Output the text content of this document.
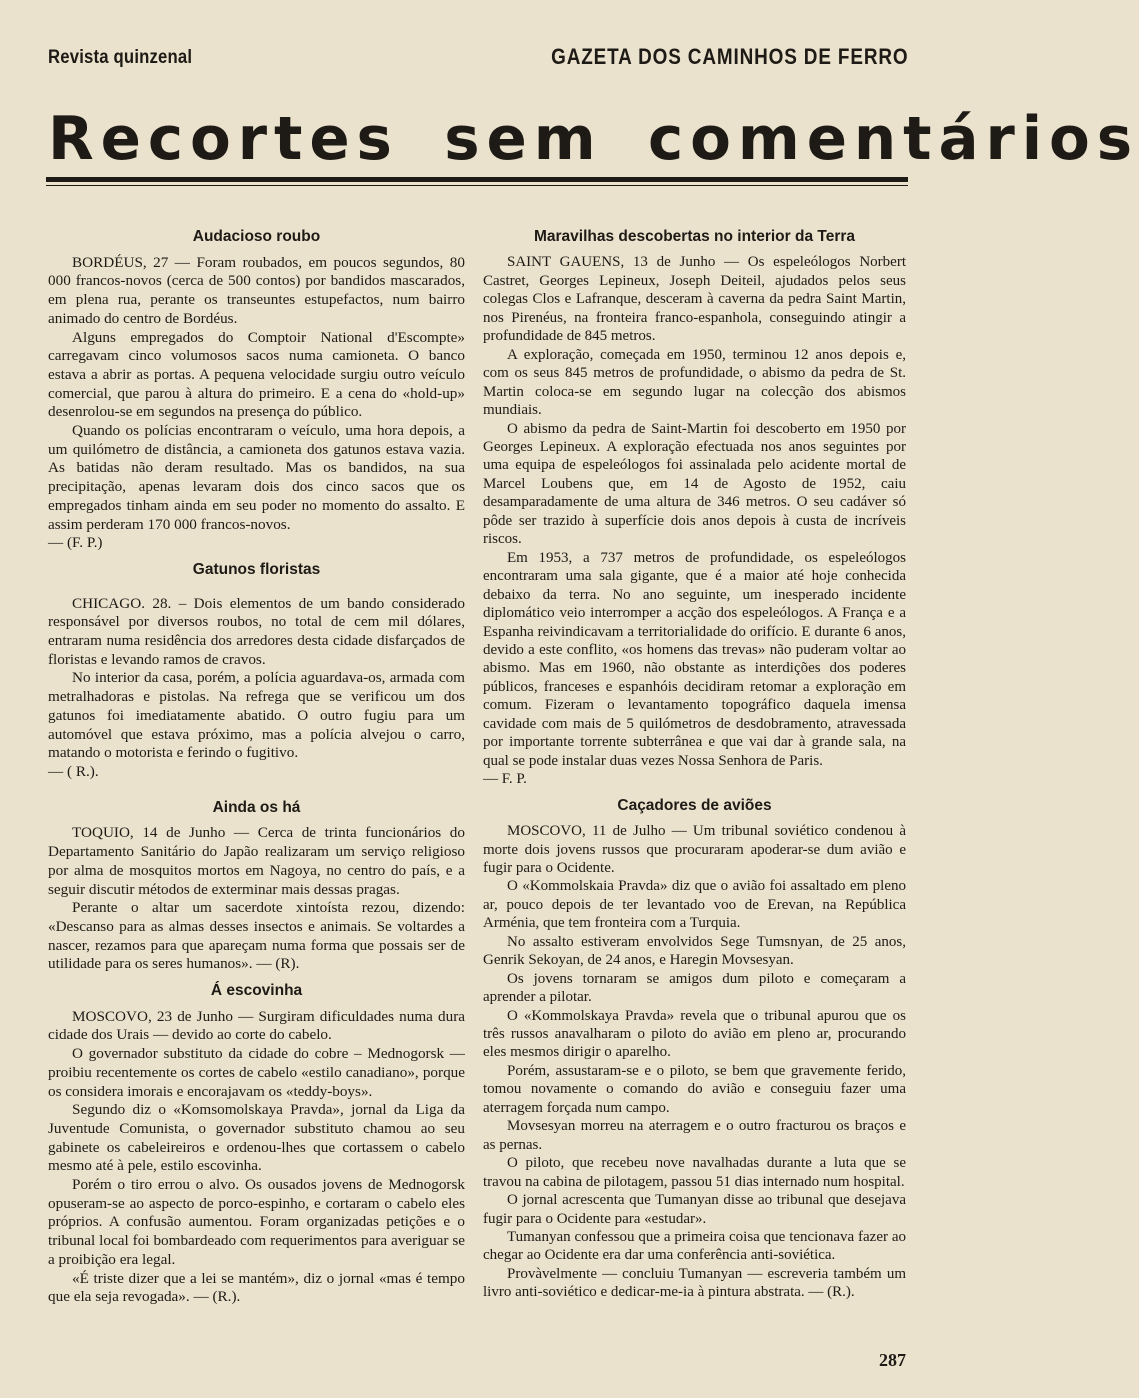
Revista quinzenal	GAZETA DOS CAMINHOS DE FERRO
Recortes sem comentários
Audacioso roubo

BORDÉUS, 27 — Foram roubados, em poucos segundos, 80 000 francos-novos (cerca de 500 contos) por bandidos mascarados, em plena rua, perante os transeuntes estupefactos, num bairro animado do centro de Bordéus.

Alguns empregados do Comptoir National d'Escompte» carregavam cinco volumosos sacos numa camioneta. O banco estava a abrir as portas. A pequena velocidade surgiu outro veículo comercial, que parou à altura do primeiro. E a cena do «hold-up» desenrolou-se em segundos na presença do público.

Quando os polícias encontraram o veículo, uma hora depois, a um quilómetro de distância, a camioneta dos gatunos estava vazia. As batidas não deram resultado. Mas os bandidos, na sua precipitação, apenas levaram dois dos cinco sacos que os empregados tinham ainda em seu poder no momento do assalto. E assim perderam 170 000 francos-novos.

— (F. P.)

Gatunos floristas

CHICAGO. 28. – Dois elementos de um bando considerado responsável por diversos roubos, no total de cem mil dólares, entraram numa residência dos arredores desta cidade disfarçados de floristas e levando ramos de cravos.

No interior da casa, porém, a polícia aguardava-os, armada com metralhadoras e pistolas. Na refrega que se verificou um dos gatunos foi imediatamente abatido. O outro fugiu para um automóvel que estava próximo, mas a polícia alvejou o carro, matando o motorista e ferindo o fugitivo.

— ( R.).

Ainda os há

TOQUIO, 14 de Junho — Cerca de trinta funcionários do Departamento Sanitário do Japão realizaram um serviço religioso por alma de mosquitos mortos em Nagoya, no centro do país, e a seguir discutir métodos de exterminar mais dessas pragas.

Perante o altar um sacerdote xintoísta rezou, dizendo: «Descanso para as almas desses insectos e animais. Se voltardes a nascer, rezamos para que apareçam numa forma que possais ser de utilidade para os seres humanos». — (R).

Á escovinha

MOSCOVO, 23 de Junho — Surgiram dificuldades numa dura cidade dos Urais — devido ao corte do cabelo.

O governador substituto da cidade do cobre – Mednogorsk — proibiu recentemente os cortes de cabelo «estilo canadiano», porque os considera imorais e encorajavam os «teddy-boys».

Segundo diz o «Komsomolskaya Pravda», jornal da Liga da Juventude Comunista, o governador substituto chamou ao seu gabinete os cabeleireiros e ordenou-lhes que cortassem o cabelo mesmo até à pele, estilo escovinha.

Porém o tiro errou o alvo. Os ousados jovens de Mednogorsk opuseram-se ao aspecto de porco-espinho, e cortaram o cabelo eles próprios. A confusão aumentou. Foram organizadas petições e o tribunal local foi bombardeado com requerimentos para averiguar se a proibição era legal.

«É triste dizer que a lei se mantém», diz o jornal «mas é tempo que ela seja revogada». — (R.).

Maravilhas descobertas no interior da Terra

SAINT GAUENS, 13 de Junho — Os espeleólogos Norbert Castret, Georges Lepineux, Joseph Deiteil, ajudados pelos seus colegas Clos e Lafranque, desceram à caverna da pedra Saint Martin, nos Pirenéus, na fronteira franco-espanhola, conseguindo atingir a profundidade de 845 metros.

A exploração, começada em 1950, terminou 12 anos depois e, com os seus 845 metros de profundidade, o abismo da pedra de St. Martin coloca-se em segundo lugar na colecção dos abismos mundiais.

O abismo da pedra de Saint-Martin foi descoberto em 1950 por Georges Lepineux. A exploração efectuada nos anos seguintes por uma equipa de espeleólogos foi assinalada pelo acidente mortal de Marcel Loubens que, em 14 de Agosto de 1952, caiu desamparadamente de uma altura de 346 metros. O seu cadáver só pôde ser trazido à superfície dois anos depois à custa de incríveis riscos.

Em 1953, a 737 metros de profundidade, os espeleólogos encontraram uma sala gigante, que é a maior até hoje conhecida debaixo da terra. No ano seguinte, um inesperado incidente diplomático veio interromper a acção dos espeleólogos. A França e a Espanha reivindicavam a territorialidade do orifício. E durante 6 anos, devido a este conflito, «os homens das trevas» não puderam voltar ao abismo. Mas em 1960, não obstante as interdições dos poderes públicos, franceses e espanhóis decidiram retomar a exploração em comum. Fizeram o levantamento topográfico daquela imensa cavidade com mais de 5 quilómetros de desdobramento, atravessada por importante torrente subterrânea e que vai dar à grande sala, na qual se pode instalar duas vezes Nossa Senhora de Paris.

— F. P.

Caçadores de aviões

MOSCOVO, 11 de Julho — Um tribunal soviético condenou à morte dois jovens russos que procuraram apoderar-se dum avião e fugir para o Ocidente.

O «Kommolskaia Pravda» diz que o avião foi assaltado em pleno ar, pouco depois de ter levantado voo de Erevan, na República Arménia, que tem fronteira com a Turquia.

No assalto estiveram envolvidos Sege Tumsnyan, de 25 anos, Genrik Sekoyan, de 24 anos, e Haregin Movsesyan.

Os jovens tornaram se amigos dum piloto e começaram a aprender a pilotar.

O «Kommolskaya Pravda» revela que o tribunal apurou que os três russos anavalharam o piloto do avião em pleno ar, procurando eles mesmos dirigir o aparelho.

Porém, assustaram-se e o piloto, se bem que gravemente ferido, tomou novamente o comando do avião e conseguiu fazer uma aterragem forçada num campo.

Movsesyan morreu na aterragem e o outro fracturou os braços e as pernas.

O piloto, que recebeu nove navalhadas durante a luta que se travou na cabina de pilotagem, passou 51 dias internado num hospital.

O jornal acrescenta que Tumanyan disse ao tribunal que desejava fugir para o Ocidente para «estudar».

Tumanyan confessou que a primeira coisa que tencionava fazer ao chegar ao Ocidente era dar uma conferência anti-soviética.

Provàvelmente — concluiu Tumanyan — escreveria também um livro anti-soviético e dedicar-me-ia à pintura abstrata. — (R.).

287
